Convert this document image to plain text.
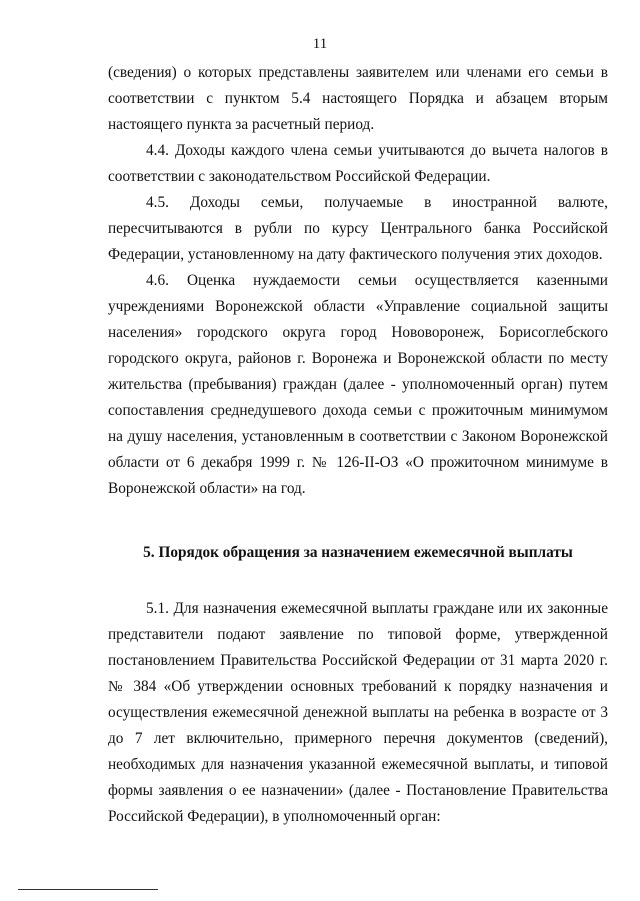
11

(сведения) о которых представлены заявителем или членами его семьи в соответствии с пунктом 5.4 настоящего Порядка и абзацем вторым настоящего пункта за расчетный период.

4.4. Доходы каждого члена семьи учитываются до вычета налогов в соответствии с законодательством Российской Федерации.

4.5. Доходы семьи, получаемые в иностранной валюте, пересчитываются в рубли по курсу Центрального банка Российской Федерации, установленному на дату фактического получения этих доходов.

4.6. Оценка нуждаемости семьи осуществляется казенными учреждениями Воронежской области «Управление социальной защиты населения» городского округа город Нововоронеж, Борисоглебского городского округа, районов г. Воронежа и Воронежской области по месту жительства (пребывания) граждан (далее - уполномоченный орган) путем сопоставления среднедушевого дохода семьи с прожиточным минимумом на душу населения, установленным в соответствии с Законом Воронежской области от 6 декабря 1999 г. № 126-II-ОЗ «О прожиточном минимуме в Воронежской области» на год.

5. Порядок обращения за назначением ежемесячной выплаты

5.1. Для назначения ежемесячной выплаты граждане или их законные представители подают заявление по типовой форме, утвержденной постановлением Правительства Российской Федерации от 31 марта 2020 г. № 384 «Об утверждении основных требований к порядку назначения и осуществления ежемесячной денежной выплаты на ребенка в возрасте от 3 до 7 лет включительно, примерного перечня документов (сведений), необходимых для назначения указанной ежемесячной выплаты, и типовой формы заявления о ее назначении» (далее - Постановление Правительства Российской Федерации), в уполномоченный орган:
